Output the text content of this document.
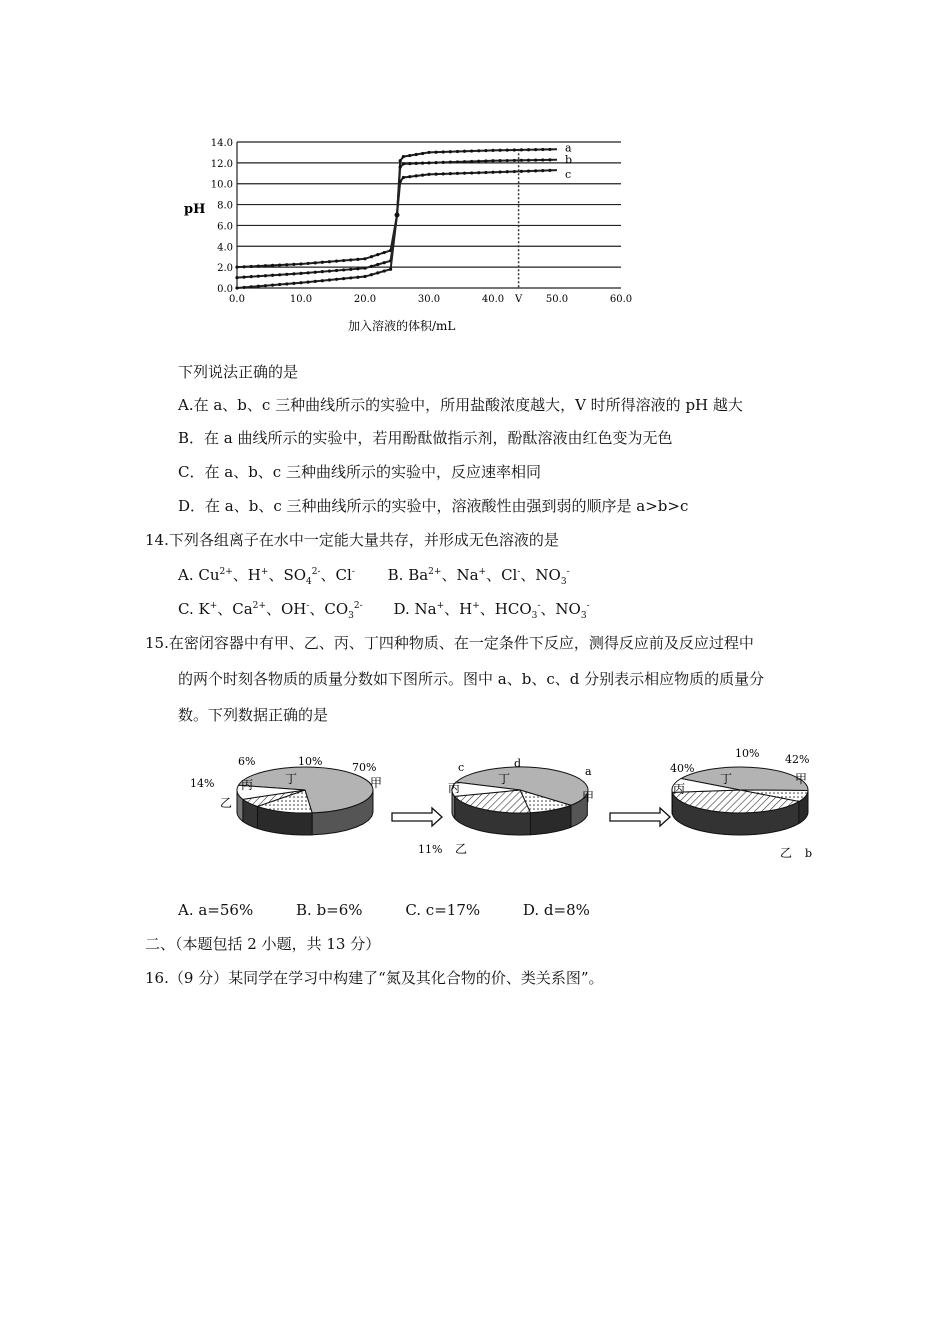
a
b
c
0.0
2.0
4.0
6.0
8.0
10.0
12.0
14.0
0.0	10.0	20.0	30.0	40.0 V 50.0	60.0
pH
加入溶液的体积/mL
下列说法正确的是
A.在 a、b、c 三种曲线所示的实验中，所用盐酸浓度越大，V 时所得溶液的 pH 越大
B．在 a 曲线所示的实验中，若用酚酞做指示剂，酚酞溶液由红色变为无色
C．在 a、b、c 三种曲线所示的实验中，反应速率相同
D．在 a、b、c 三种曲线所示的实验中，溶液酸性由强到弱的顺序是 a>b>c
14.下列各组离子在水中一定能大量共存，并形成无色溶液的是
A. $Cu^{2+}$、H+、$SO_4^{2-}$、Cl- B. $Ba^{2+}$、Na+、Cl-、$NO_3^-$
C. K+、$Ca^{2+}$、OH-、$CO_3^{2-}$ D. Na+、H+、$HCO_3^-$、$NO_3^-$
15.在密闭容器中有甲、乙、丙、丁四种物质、在一定条件下反应，测得反应前及反应过程中
的两个时刻各物质的质量分数如下图所示。图中 a、b、c、d 分别表示相应物质的质量分
数。下列数据正确的是
甲
70%
乙
14% 丙
6%
丁
10%
甲
a
乙
11%
丙
c
丁
d
甲
42%
乙 b
丙
40%
丁
10%
A. a=56%	B. b=6%	C. c=17%	D. d=8%
二、（本题包括 2 小题，共 13 分）
16.（9 分）某同学在学习中构建了“氮及其化合物的价、类关系图”。
